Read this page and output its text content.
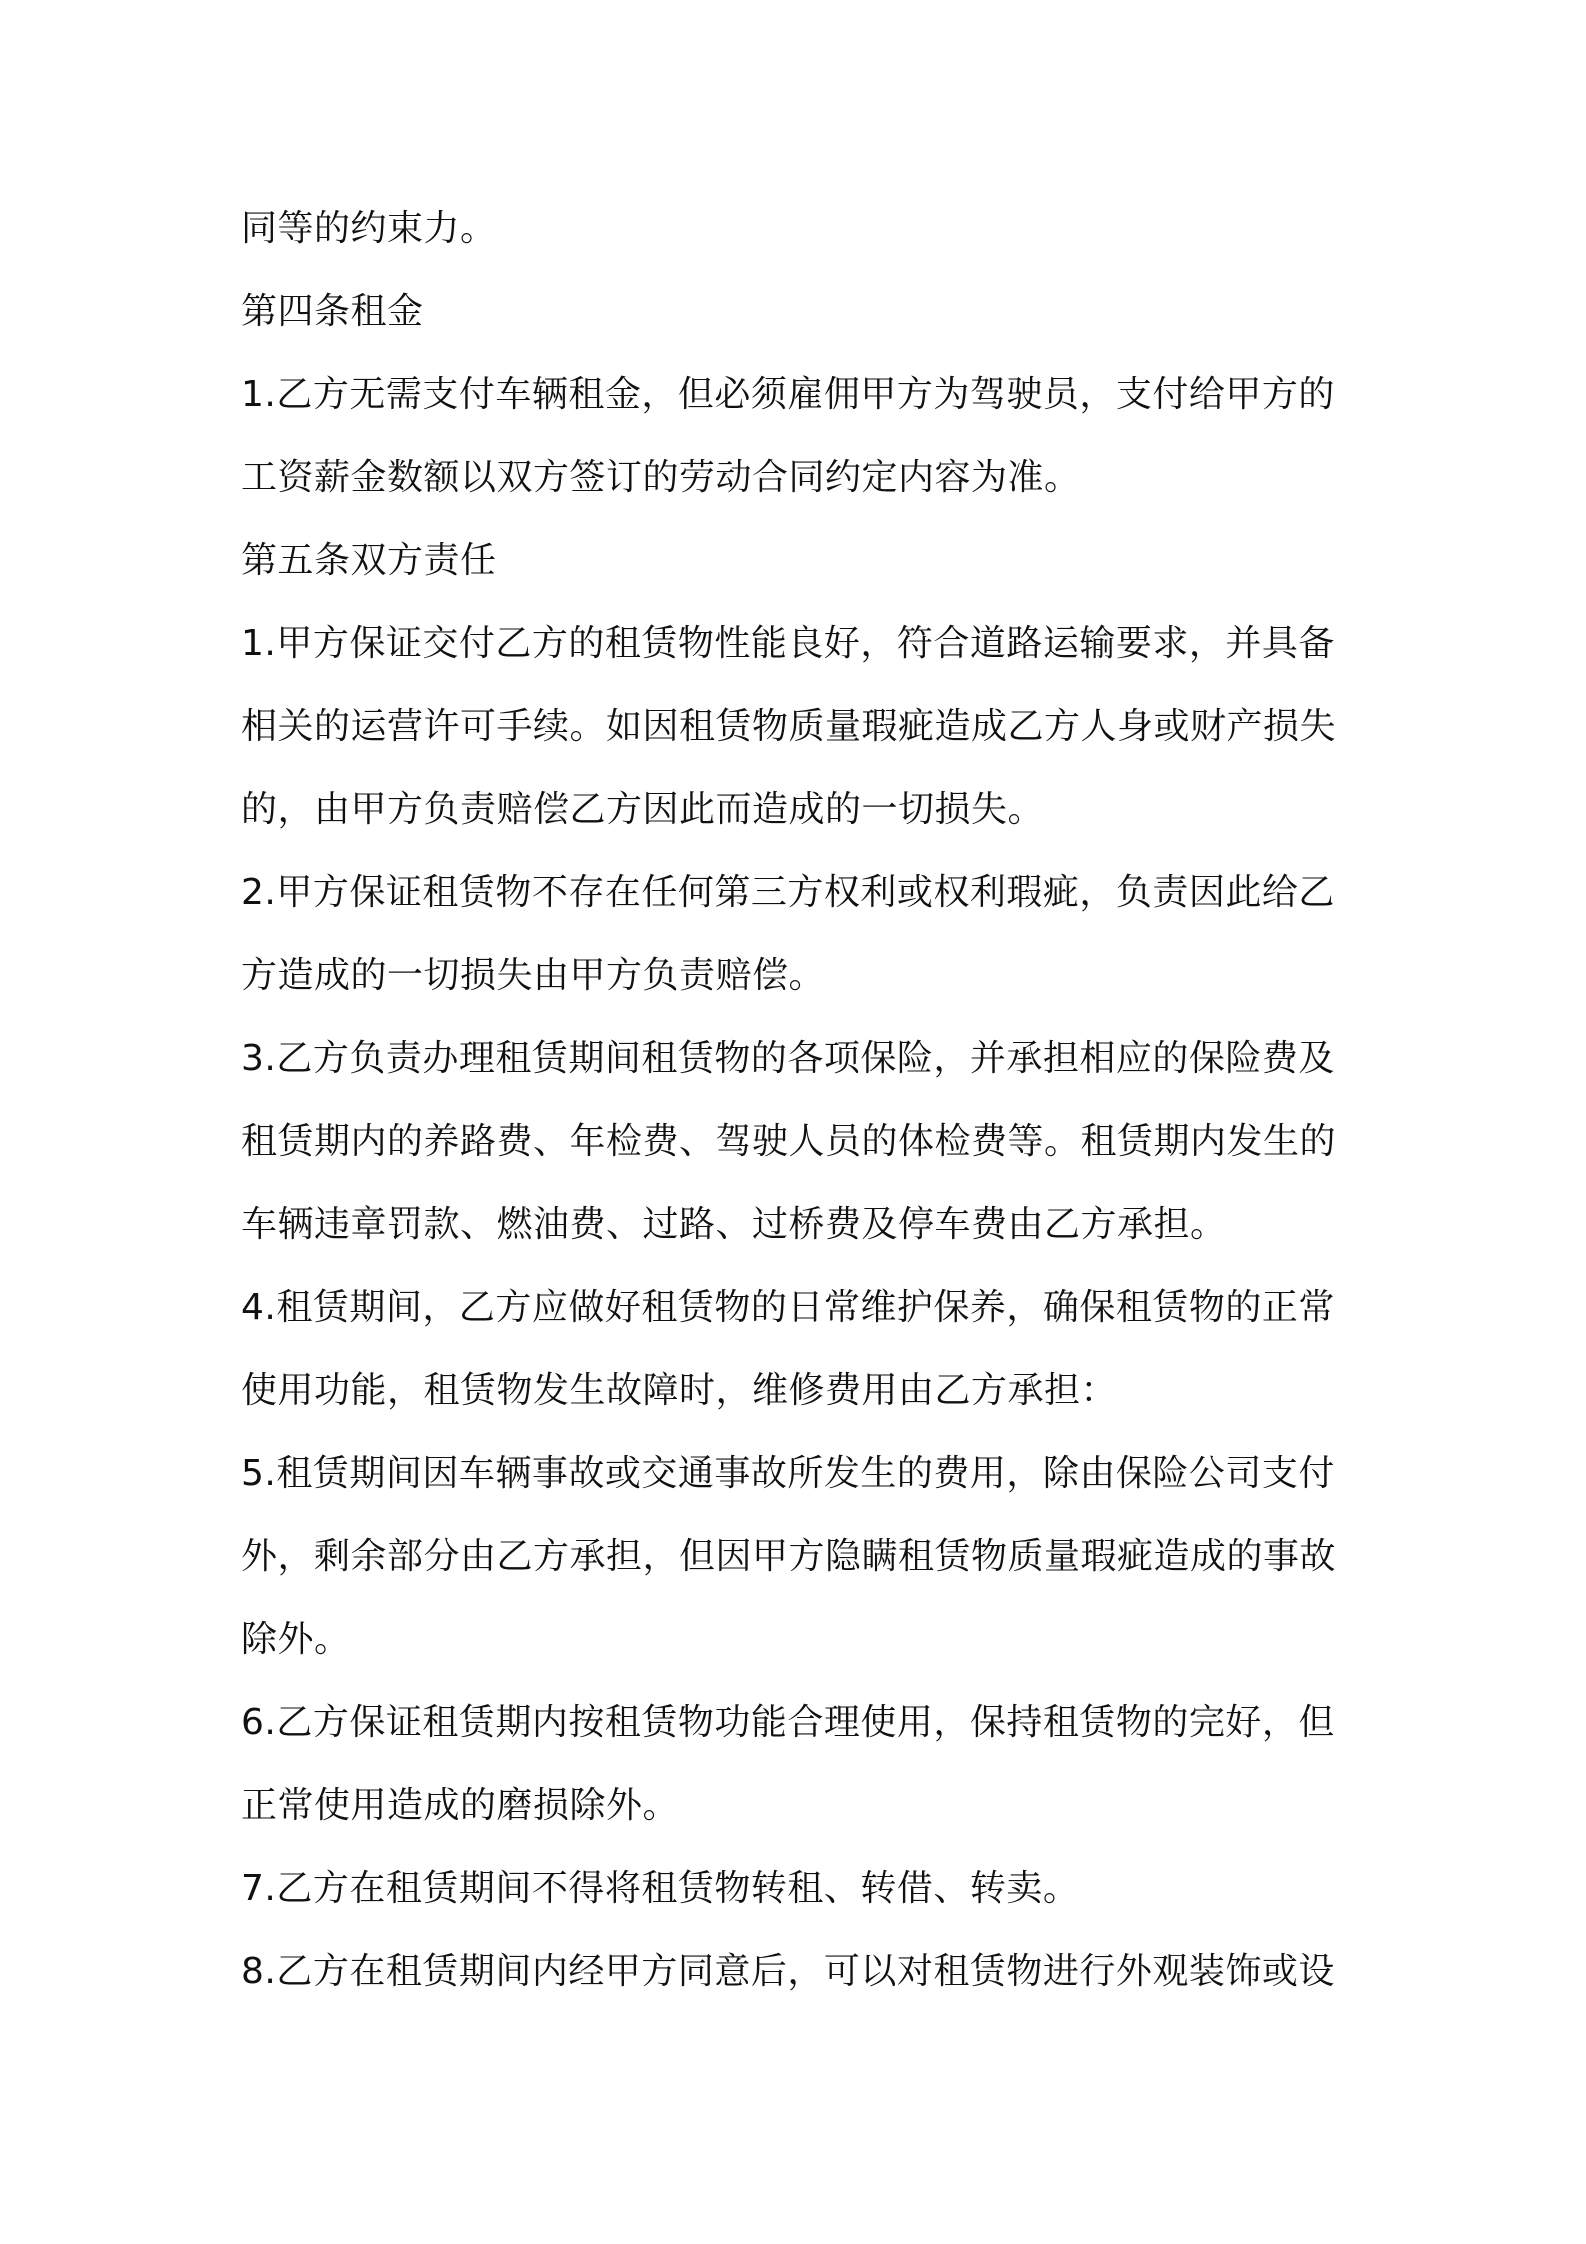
同等的约束力。
第四条租金
1.乙方无需支付车辆租金，但必须雇佣甲方为驾驶员，支付给甲方的
工资薪金数额以双方签订的劳动合同约定内容为准。
第五条双方责任
1.甲方保证交付乙方的租赁物性能良好，符合道路运输要求，并具备
相关的运营许可手续。如因租赁物质量瑕疵造成乙方人身或财产损失
的，由甲方负责赔偿乙方因此而造成的一切损失。
2.甲方保证租赁物不存在任何第三方权利或权利瑕疵，负责因此给乙
方造成的一切损失由甲方负责赔偿。
3.乙方负责办理租赁期间租赁物的各项保险，并承担相应的保险费及
租赁期内的养路费、年检费、驾驶人员的体检费等。租赁期内发生的
车辆违章罚款、燃油费、过路、过桥费及停车费由乙方承担。
4.租赁期间，乙方应做好租赁物的日常维护保养，确保租赁物的正常
使用功能，租赁物发生故障时，维修费用由乙方承担：
5.租赁期间因车辆事故或交通事故所发生的费用，除由保险公司支付
外，剩余部分由乙方承担，但因甲方隐瞒租赁物质量瑕疵造成的事故
除外。
6.乙方保证租赁期内按租赁物功能合理使用，保持租赁物的完好，但
正常使用造成的磨损除外。
7.乙方在租赁期间不得将租赁物转租、转借、转卖。
8.乙方在租赁期间内经甲方同意后，可以对租赁物进行外观装饰或设
